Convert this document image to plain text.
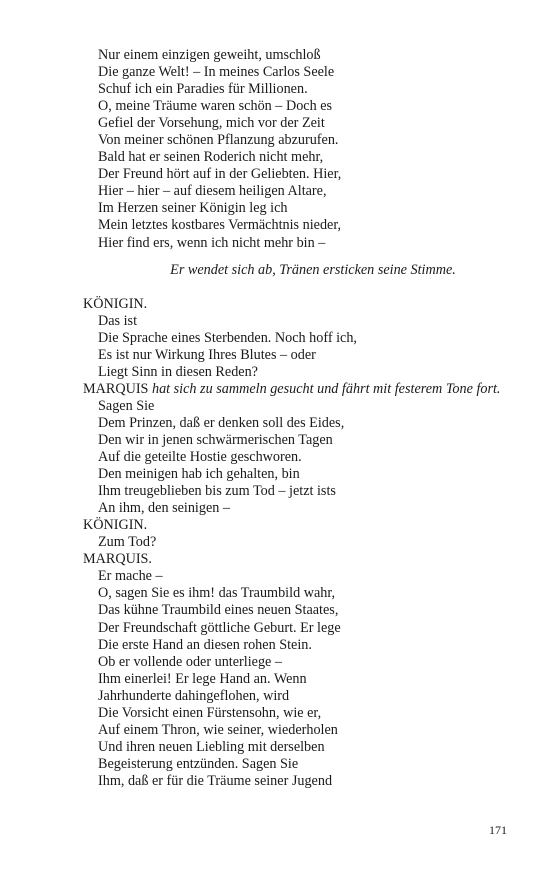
Nur einem einzigen geweiht, umschloß
Die ganze Welt! – In meines Carlos Seele
Schuf ich ein Paradies für Millionen.
O, meine Träume waren schön – Doch es
Gefiel der Vorsehung, mich vor der Zeit
Von meiner schönen Pflanzung abzurufen.
Bald hat er seinen Roderich nicht mehr,
Der Freund hört auf in der Geliebten. Hier,
Hier – hier – auf diesem heiligen Altare,
Im Herzen seiner Königin leg ich
Mein letztes kostbares Vermächtnis nieder,
Hier find ers, wenn ich nicht mehr bin –
Er wendet sich ab, Tränen ersticken seine Stimme.
KÖNIGIN.
Das ist
Die Sprache eines Sterbenden. Noch hoff ich,
Es ist nur Wirkung Ihres Blutes – oder
Liegt Sinn in diesen Reden?
MARQUIS hat sich zu sammeln gesucht und fährt mit festerem Tone fort.
Sagen Sie
Dem Prinzen, daß er denken soll des Eides,
Den wir in jenen schwärmerischen Tagen
Auf die geteilte Hostie geschworen.
Den meinigen hab ich gehalten, bin
Ihm treugeblieben bis zum Tod – jetzt ists
An ihm, den seinigen –
KÖNIGIN.
Zum Tod?
MARQUIS.
Er mache –
O, sagen Sie es ihm! das Traumbild wahr,
Das kühne Traumbild eines neuen Staates,
Der Freundschaft göttliche Geburt. Er lege
Die erste Hand an diesen rohen Stein.
Ob er vollende oder unterliege –
Ihm einerlei! Er lege Hand an. Wenn
Jahrhunderte dahingeflohen, wird
Die Vorsicht einen Fürstensohn, wie er,
Auf einem Thron, wie seiner, wiederholen
Und ihren neuen Liebling mit derselben
Begeisterung entzünden. Sagen Sie
Ihm, daß er für die Träume seiner Jugend
171
